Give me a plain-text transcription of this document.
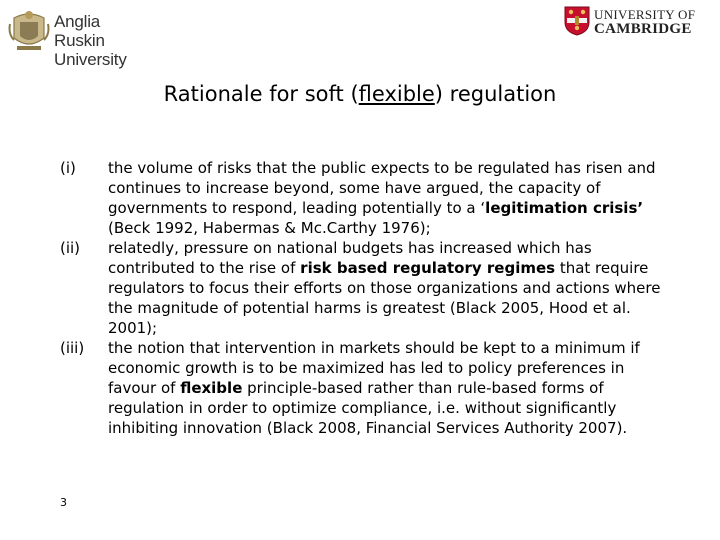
Anglia Ruskin
University
UNIVERSITY OF
CAMBRIDGE
Rationale for soft (flexible) regulation
(i)	the volume of risks that the public expects to be regulated has risen and continues to increase beyond, some have argued, the capacity of governments to respond, leading potentially to a ‘legitimation crisis’ (Beck 1992, Habermas & Mc.Carthy 1976);
(ii)	relatedly, pressure on national budgets has increased which has contributed to the rise of risk based regulatory regimes that require regulators to focus their efforts on those organizations and actions where the magnitude of potential harms is greatest (Black 2005, Hood et al. 2001);
(iii)	the notion that intervention in markets should be kept to a minimum if economic growth is to be maximized has led to policy preferences in favour of flexible principle-based rather than rule-based forms of regulation in order to optimize compliance, i.e. without significantly inhibiting innovation (Black 2008, Financial Services Authority 2007).
3
